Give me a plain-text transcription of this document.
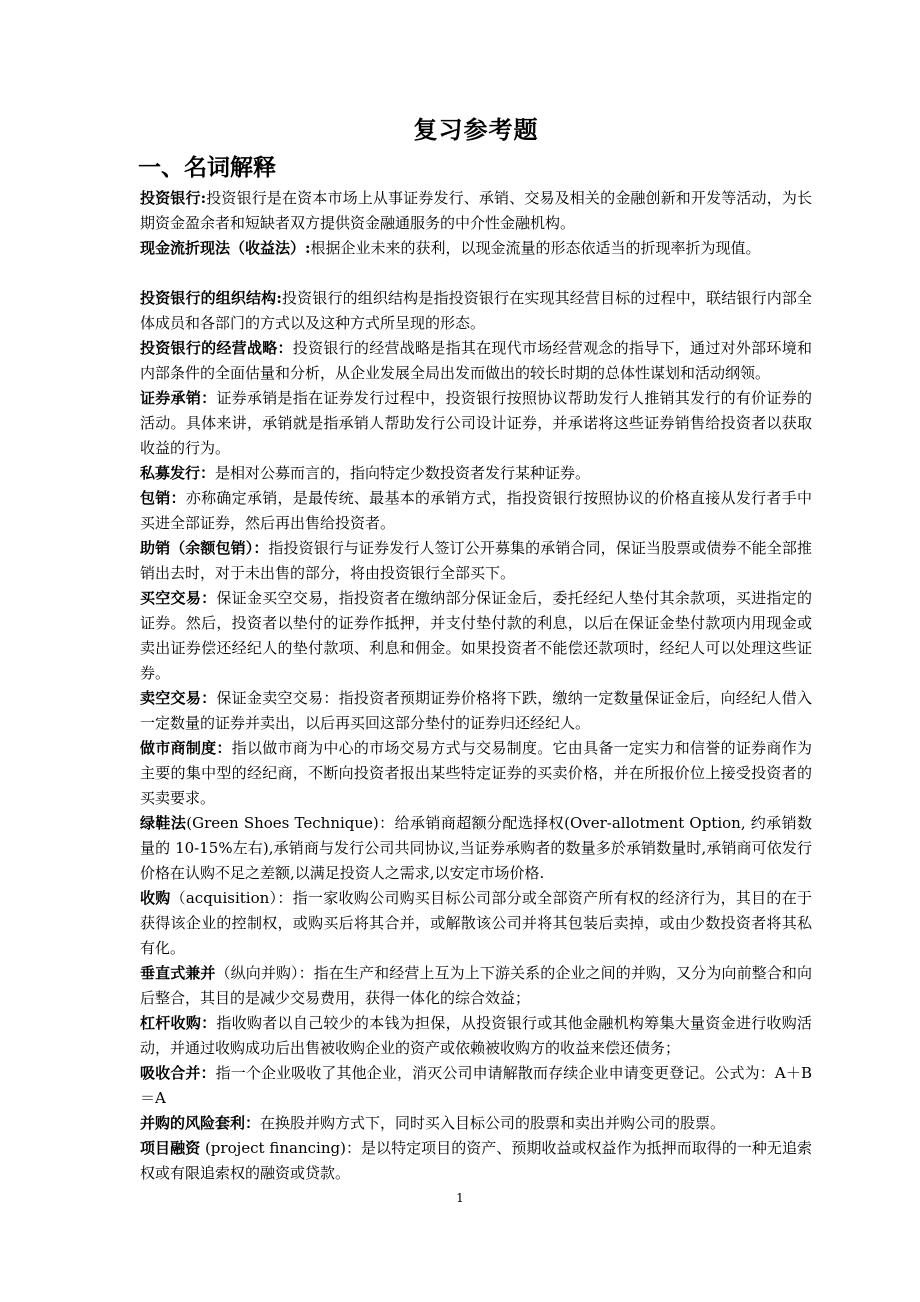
复习参考题
一、名词解释

投资银行:投资银行是在资本市场上从事证券发行、承销、交易及相关的金融创新和开发等活动，为长期资金盈余者和短缺者双方提供资金融通服务的中介性金融机构。

现金流折现法（收益法）:根据企业未来的获利，以现金流量的形态依适当的折现率折为现值。

投资银行的组织结构:投资银行的组织结构是指投资银行在实现其经营目标的过程中，联结银行内部全体成员和各部门的方式以及这种方式所呈现的形态。

投资银行的经营战略：投资银行的经营战略是指其在现代市场经营观念的指导下，通过对外部环境和内部条件的全面估量和分析，从企业发展全局出发而做出的较长时期的总体性谋划和活动纲领。

证券承销：证券承销是指在证券发行过程中，投资银行按照协议帮助发行人推销其发行的有价证券的活动。具体来讲，承销就是指承销人帮助发行公司设计证券，并承诺将这些证券销售给投资者以获取收益的行为。

私募发行：是相对公募而言的，指向特定少数投资者发行某种证券。

包销：亦称确定承销，是最传统、最基本的承销方式，指投资银行按照协议的价格直接从发行者手中买进全部证券，然后再出售给投资者。

助销（余额包销）：指投资银行与证券发行人签订公开募集的承销合同，保证当股票或债券不能全部推销出去时，对于未出售的部分，将由投资银行全部买下。

买空交易：保证金买空交易，指投资者在缴纳部分保证金后，委托经纪人垫付其余款项，买进指定的证券。然后，投资者以垫付的证券作抵押，并支付垫付款的利息，以后在保证金垫付款项内用现金或卖出证券偿还经纪人的垫付款项、利息和佣金。如果投资者不能偿还款项时，经纪人可以处理这些证券。

卖空交易：保证金卖空交易：指投资者预期证券价格将下跌，缴纳一定数量保证金后，向经纪人借入一定数量的证券并卖出，以后再买回这部分垫付的证券归还经纪人。

做市商制度：指以做市商为中心的市场交易方式与交易制度。它由具备一定实力和信誉的证券商作为主要的集中型的经纪商，不断向投资者报出某些特定证券的买卖价格，并在所报价位上接受投资者的买卖要求。

绿鞋法(Green Shoes Technique)：给承销商超额分配选择权(Over-allotment Option, 约承销数量的 10-15%左右),承销商与发行公司共同协议,当证券承购者的数量多於承销数量时,承销商可依发行价格在认购不足之差额,以满足投资人之需求,以安定市场价格.

收购（acquisition）：指一家收购公司购买目标公司部分或全部资产所有权的经济行为，其目的在于获得该企业的控制权，或购买后将其合并，或解散该公司并将其包装后卖掉，或由少数投资者将其私有化。

垂直式兼并（纵向并购）：指在生产和经营上互为上下游关系的企业之间的并购，又分为向前整合和向后整合，其目的是减少交易费用，获得一体化的综合效益；

杠杆收购：指收购者以自己较少的本钱为担保，从投资银行或其他金融机构筹集大量资金进行收购活动，并通过收购成功后出售被收购企业的资产或依赖被收购方的收益来偿还债务；

吸收合并：指一个企业吸收了其他企业，消灭公司申请解散而存续企业申请变更登记。公式为：A＋B＝A

并购的风险套利：在换股并购方式下，同时买入目标公司的股票和卖出并购公司的股票。

项目融资 (project financing)：是以特定项目的资产、预期收益或权益作为抵押而取得的一种无追索权或有限追索权的融资或贷款。

1
